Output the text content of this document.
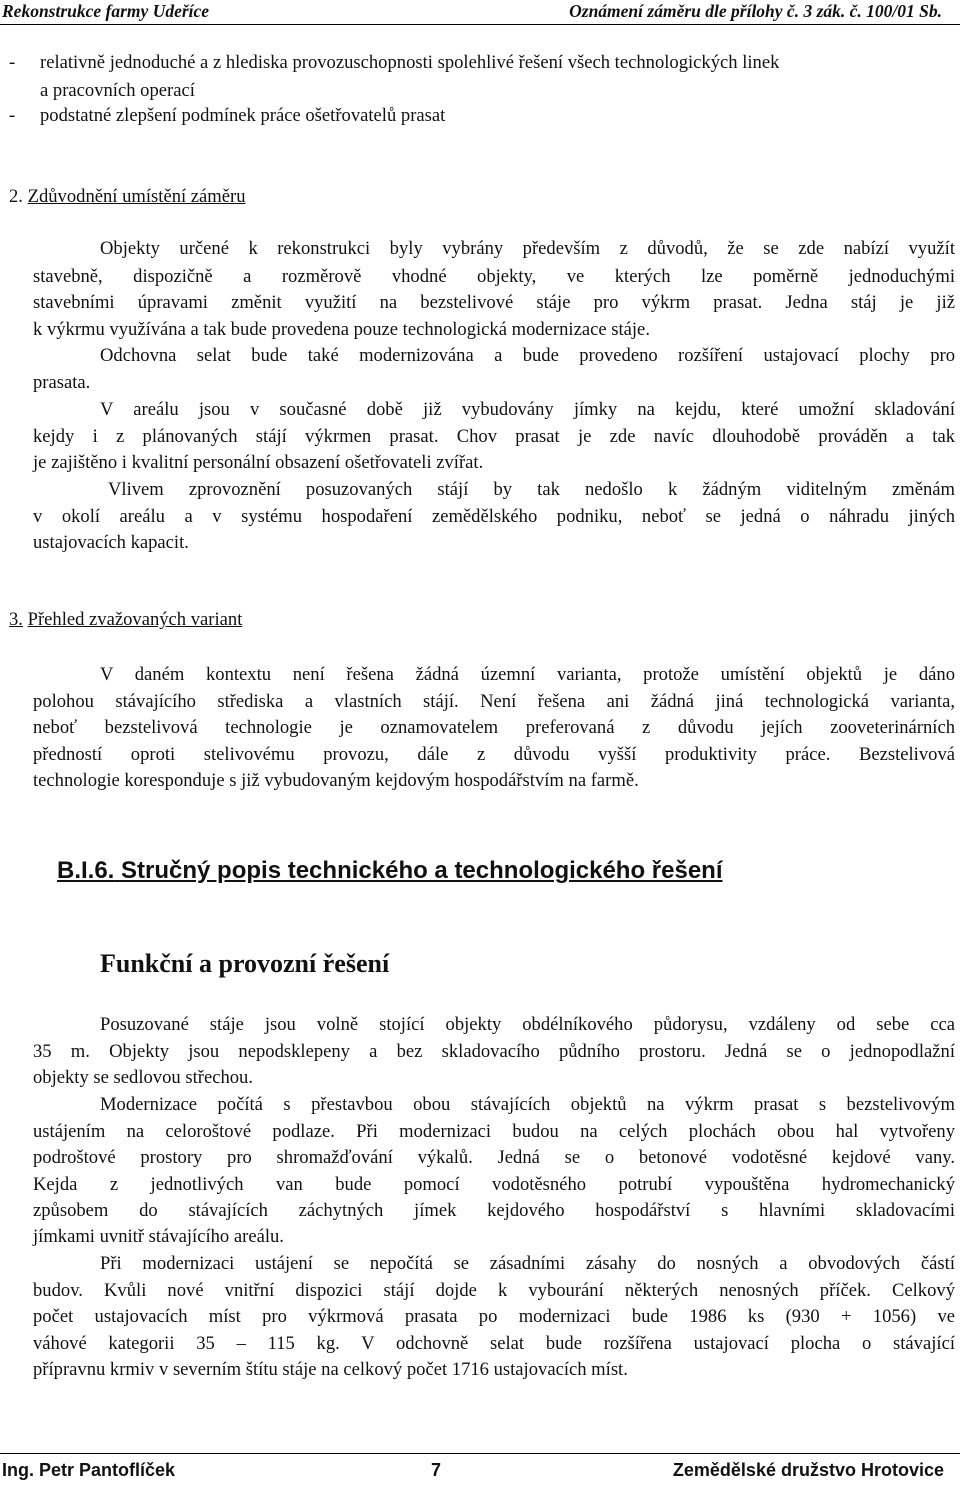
Rekonstrukce farmy Udeříce	Oznámení záměru dle přílohy č. 3 zák. č. 100/01 Sb.
- relativně jednoduché a z hlediska provozuschopnosti spolehlivé řešení všech technologických linek
a pracovních operací
- podstatné zlepšení podmínek práce ošetřovatelů prasat
2. Zdůvodnění umístění záměru
Objekty určené k rekonstrukci byly vybrány především z důvodů, že se zde nabízí využít
stavebně, dispozičně a rozměrově vhodné objekty, ve kterých lze poměrně jednoduchými
stavebními úpravami změnit využití na bezstelivové stáje pro výkrm prasat. Jedna stáj je již
k výkrmu využívána a tak bude provedena pouze technologická modernizace stáje.
Odchovna selat bude také modernizována a bude provedeno rozšíření ustajovací plochy pro
prasata.
V areálu jsou v současné době již vybudovány jímky na kejdu, které umožní skladování
kejdy i z plánovaných stájí výkrmen prasat. Chov prasat je zde navíc dlouhodobě prováděn a tak
je zajištěno i kvalitní personální obsazení ošetřovateli zvířat.
Vlivem zprovoznění posuzovaných stájí by tak nedošlo k žádným viditelným změnám
v okolí areálu a v systému hospodaření zemědělského podniku, neboť se jedná o náhradu jiných
ustajovacích kapacit.
3. Přehled zvažovaných variant
V daném kontextu není řešena žádná územní varianta, protože umístění objektů je dáno
polohou stávajícího střediska a vlastních stájí. Není řešena ani žádná jiná technologická varianta,
neboť bezstelivová technologie je oznamovatelem preferovaná z důvodu jejích zooveterinárních
předností oproti stelivovému provozu, dále z důvodu vyšší produktivity práce. Bezstelivová
technologie koresponduje s již vybudovaným kejdovým hospodářstvím na farmě.
B.I.6. Stručný popis technického a technologického řešení
Funkční a provozní řešení
Posuzované stáje jsou volně stojící objekty obdélníkového půdorysu, vzdáleny od sebe cca
35 m. Objekty jsou nepodsklepeny a bez skladovacího půdního prostoru. Jedná se o jednopodlažní
objekty se sedlovou střechou.
Modernizace počítá s přestavbou obou stávajících objektů na výkrm prasat s bezstelivovým
ustájením na celoroštové podlaze. Při modernizaci budou na celých plochách obou hal vytvořeny
podroštové prostory pro shromažďování výkalů. Jedná se o betonové vodotěsné kejdové vany.
Kejda z jednotlivých van bude pomocí vodotěsného potrubí vypouštěna hydromechanický
způsobem do stávajících záchytných jímek kejdového hospodářství s hlavními skladovacími
jímkami uvnitř stávajícího areálu.
Při modernizaci ustájení se nepočítá se zásadními zásahy do nosných a obvodových částí
budov. Kvůli nové vnitřní dispozici stájí dojde k vybourání některých nenosných příček. Celkový
počet ustajovacích míst pro výkrmová prasata po modernizaci bude 1986 ks (930 + 1056) ve
váhové kategorii 35 – 115 kg. V odchovně selat bude rozšířena ustajovací plocha o stávající
přípravnu krmiv v severním štítu stáje na celkový počet 1716 ustajovacích míst.
Ing. Petr Pantoflíček	7	Zemědělské družstvo Hrotovice
